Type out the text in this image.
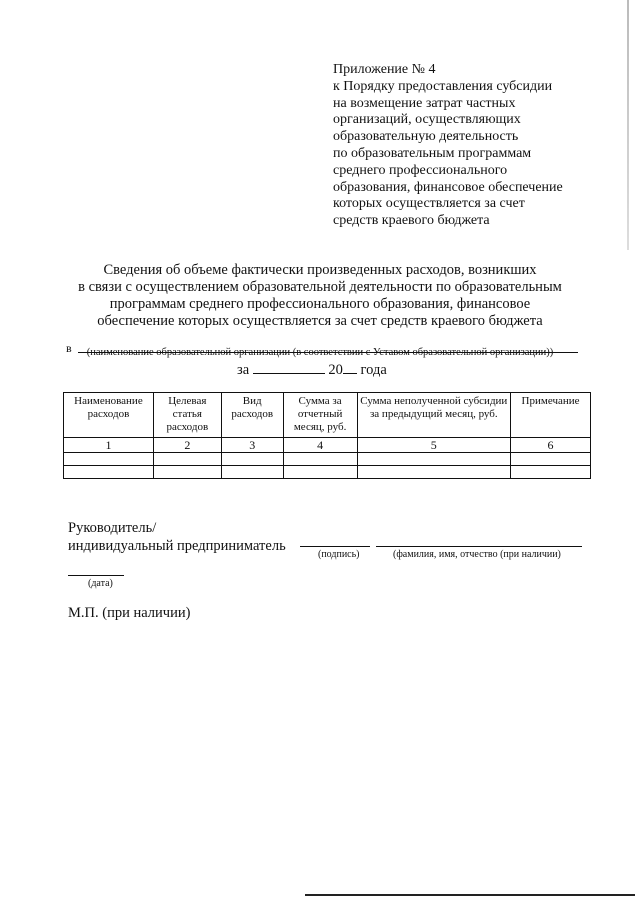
Приложение № 4
к Порядку предоставления субсидии
на возмещение затрат частных
организаций, осуществляющих
образовательную деятельность
по образовательным программам
среднего профессионального
образования, финансовое обеспечение
которых осуществляется за счет
средств краевого бюджета
Сведения об объеме фактически произведенных расходов, возникших
в связи с осуществлением образовательной деятельности по образовательным
программам среднего профессионального образования, финансовое
обеспечение которых осуществляется за счет средств краевого бюджета
в	(наименование образовательной организации (в соответствии с Уставом образовательной организации))
за	20 года
Наименование расходов	Целевая статья расходов	Вид расходов	Сумма за отчетный месяц, руб.	Сумма неполученной субсидии за предыдущий месяц, руб.	Примечание
1	2	3	4	5	6

Руководитель/
индивидуальный предприниматель
(подпись)	(фамилия, имя, отчество (при наличии)
(дата)
М.П. (при наличии)
